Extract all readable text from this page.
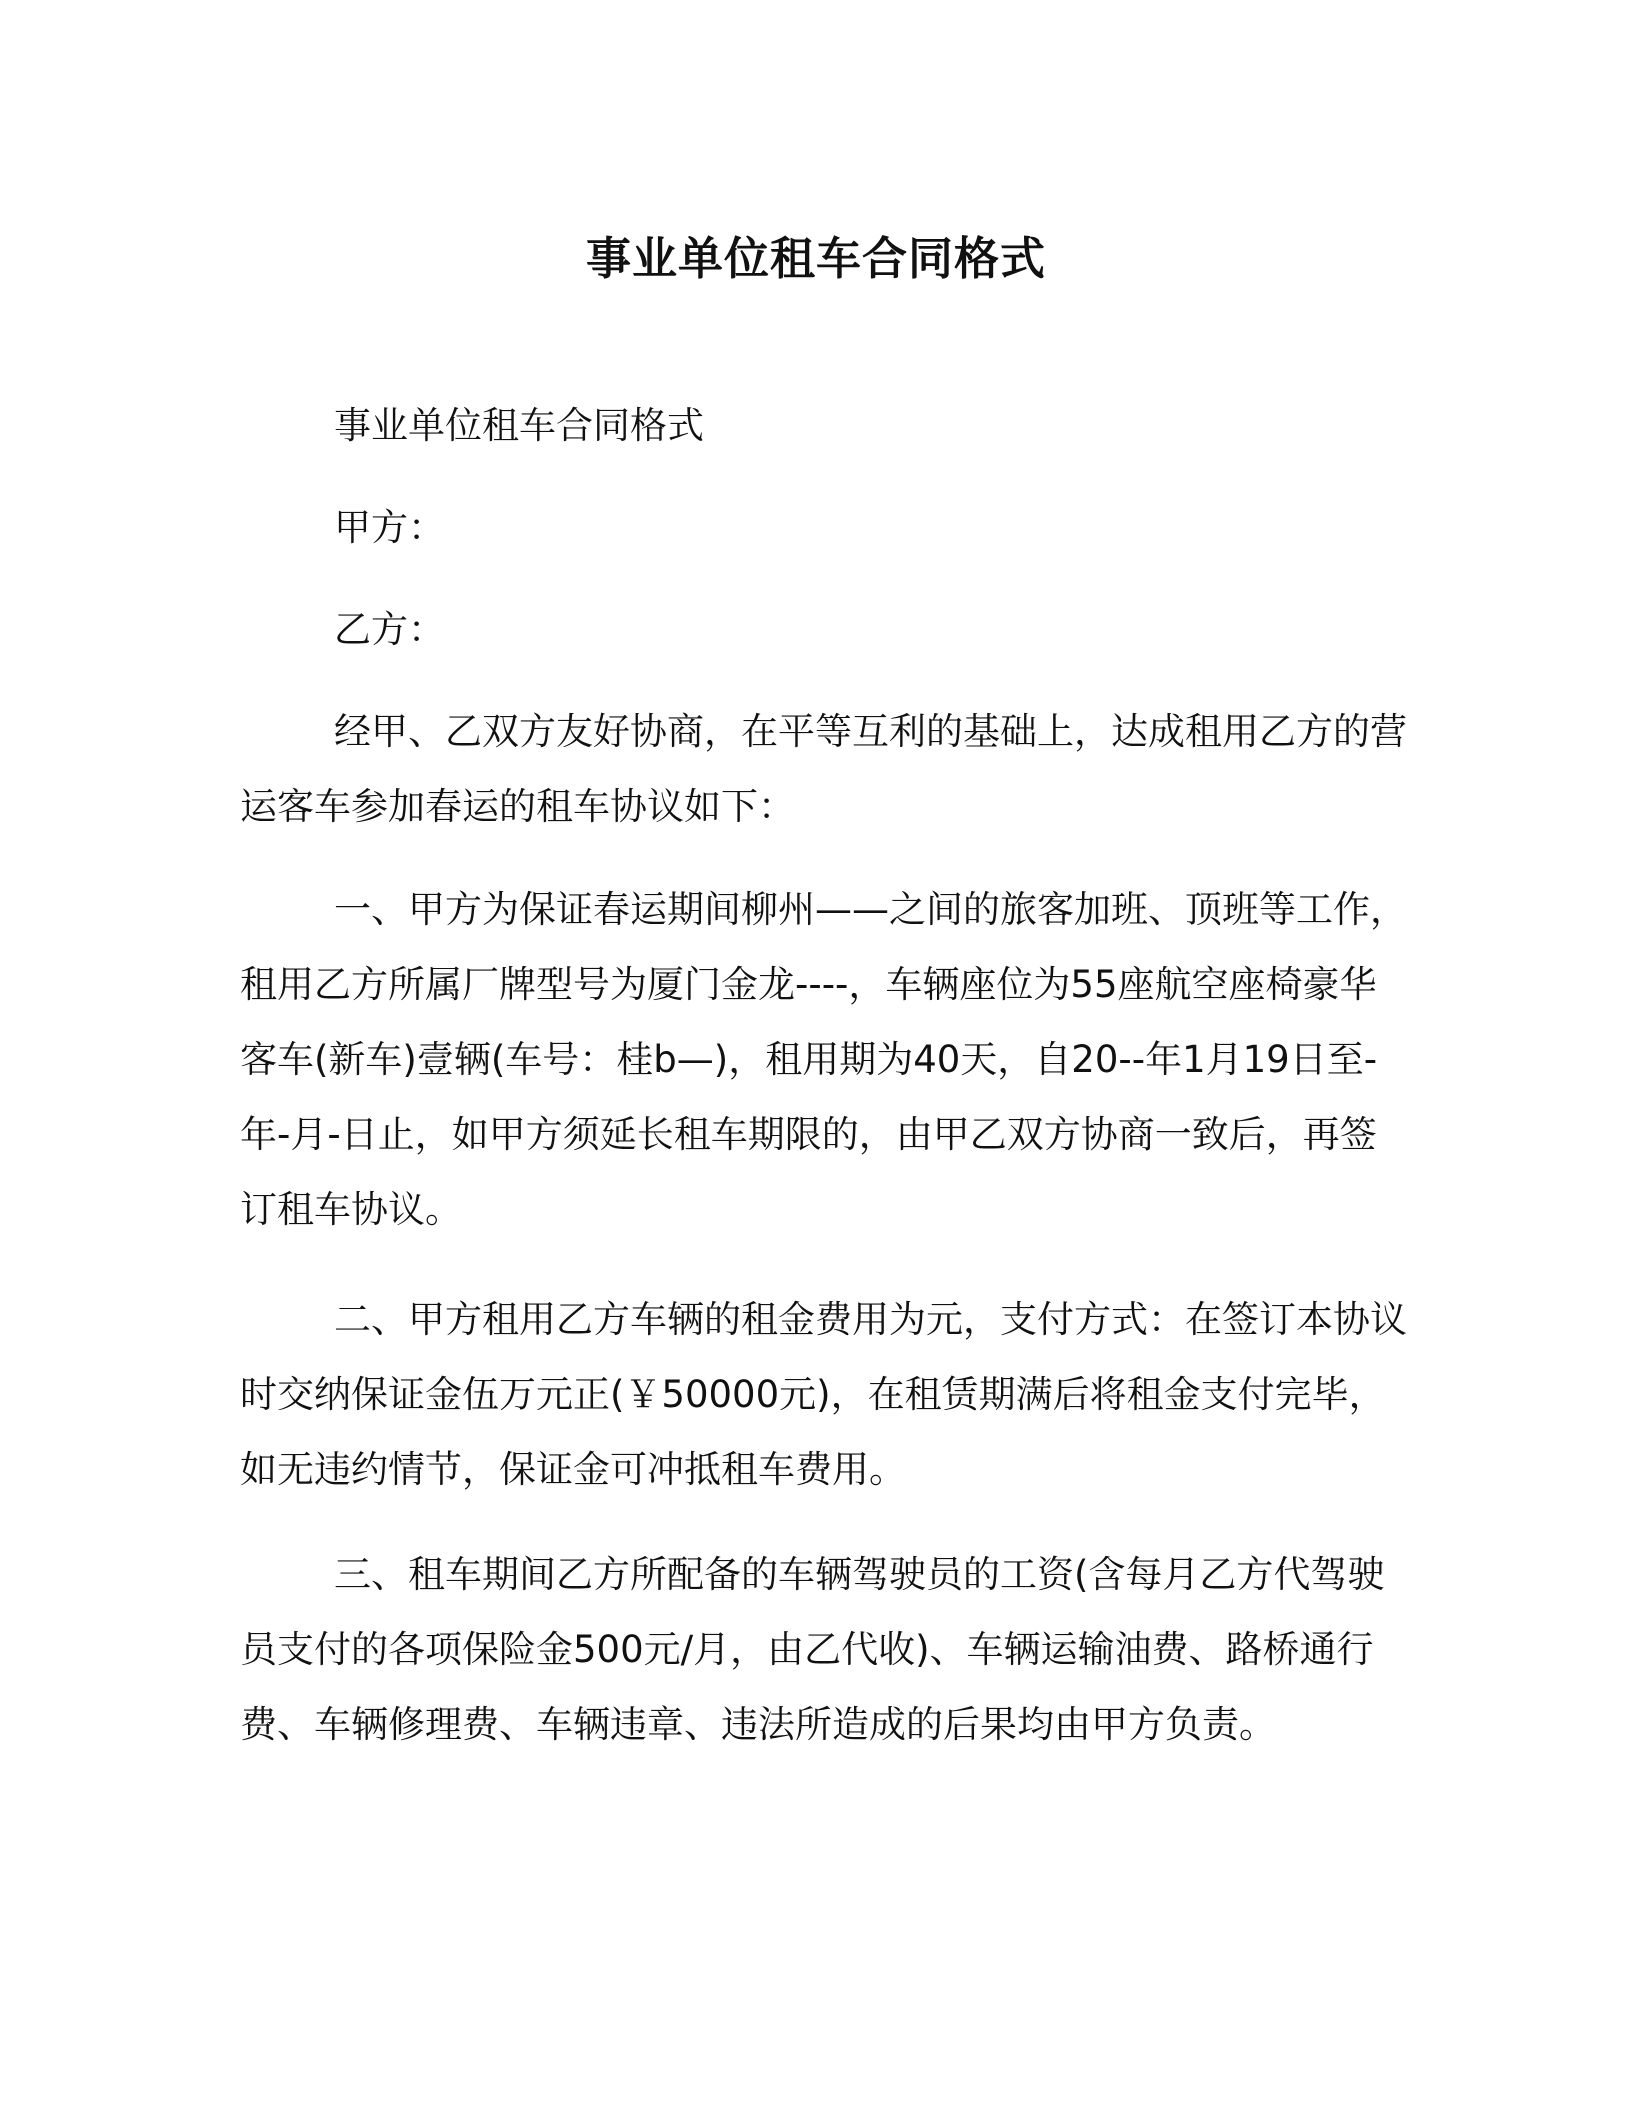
事业单位租车合同格式
事业单位租车合同格式
甲方：
乙方：

经甲、乙双方友好协商，在平等互利的基础上，达成租用乙方的营运客车参加春运的租车协议如下：

一、甲方为保证春运期间柳州——之间的旅客加班、顶班等工作，租用乙方所属厂牌型号为厦门金龙----，车辆座位为55座航空座椅豪华客车(新车)壹辆(车号：桂b—)，租用期为40天，自20--年1月19日至-年-月-日止，如甲方须延长租车期限的，由甲乙双方协商一致后，再签订租车协议。

二、甲方租用乙方车辆的租金费用为元，支付方式：在签订本协议时交纳保证金伍万元正(￥50000元)，在租赁期满后将租金支付完毕，如无违约情节，保证金可冲抵租车费用。

三、租车期间乙方所配备的车辆驾驶员的工资(含每月乙方代驾驶员支付的各项保险金500元/月，由乙代收)、车辆运输油费、路桥通行费、车辆修理费、车辆违章、违法所造成的后果均由甲方负责。
